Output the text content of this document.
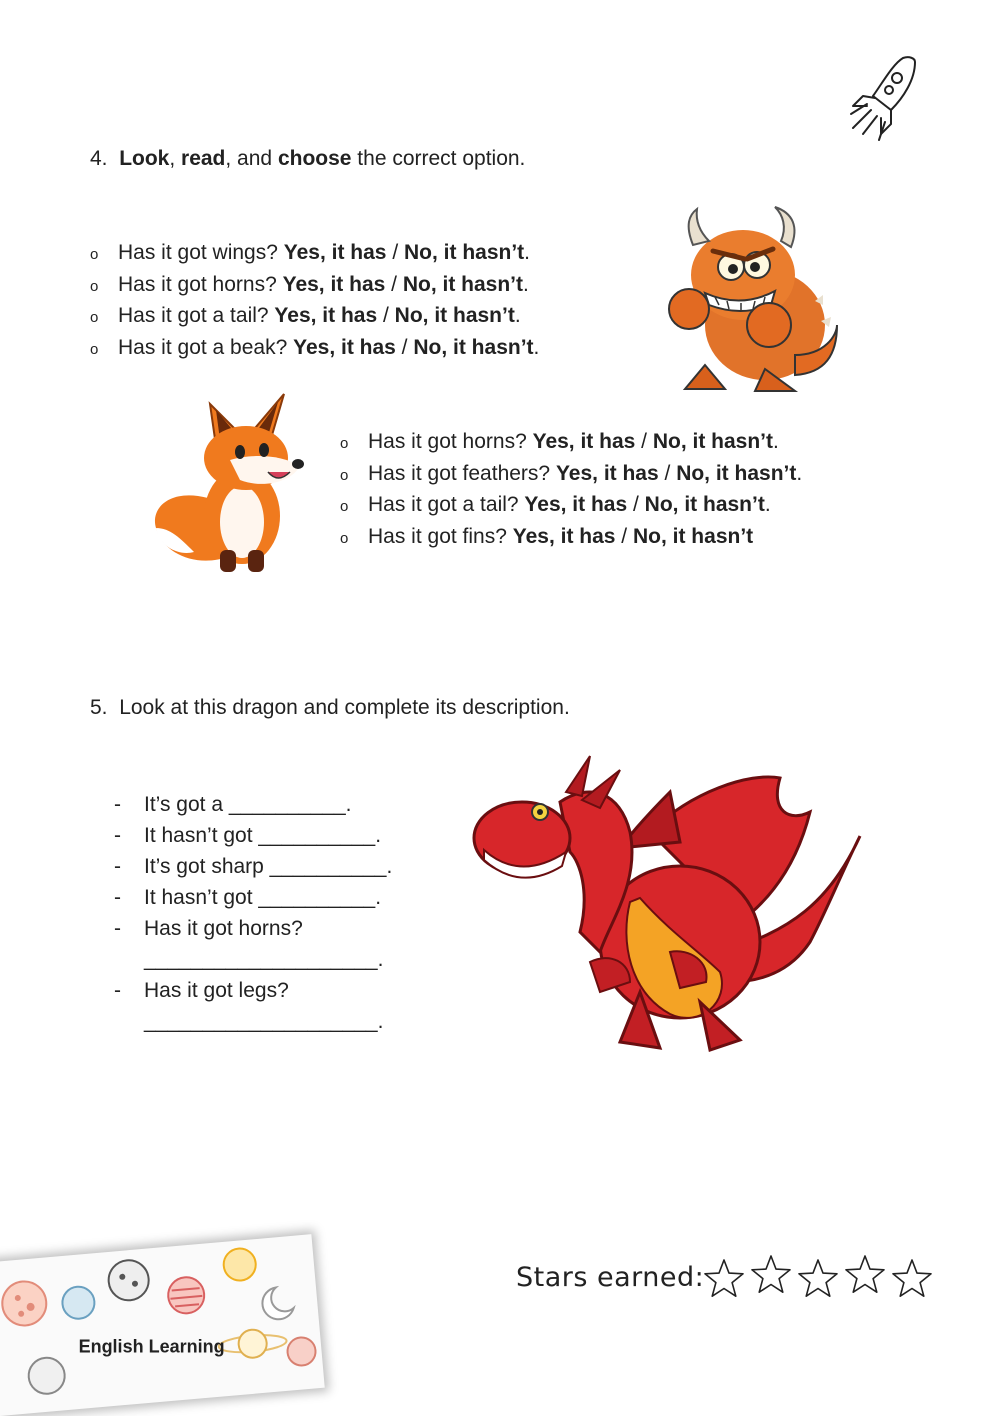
4. Look, read, and choose the correct option.
o Has it got wings? Yes, it has / No, it hasn’t.
o Has it got horns? Yes, it has / No, it hasn’t.
o Has it got a tail? Yes, it has / No, it hasn’t.
o Has it got a beak? Yes, it has / No, it hasn’t.
o Has it got horns? Yes, it has / No, it hasn’t.
o Has it got feathers? Yes, it has / No, it hasn’t.
o Has it got a tail? Yes, it has / No, it hasn’t.
o Has it got fins? Yes, it has / No, it hasn’t
5. Look at this dragon and complete its description.
- It’s got a __________.
- It hasn’t got __________.
- It’s got sharp __________.
- It hasn’t got __________.
- Has it got horns?
____________________.
- Has it got legs?
____________________.
English Learning
Stars earned:
